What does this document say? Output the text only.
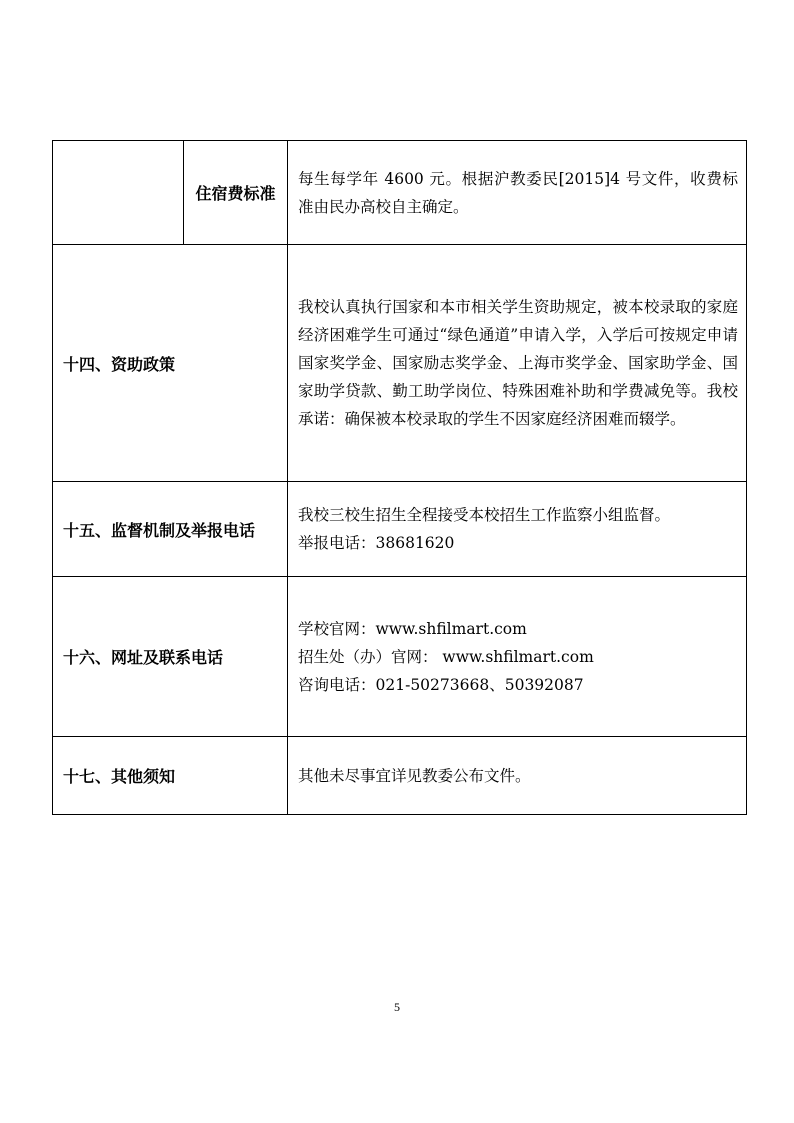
	住宿费标准	每生每学年 4600 元。根据沪教委民[2015]4 号文件，收费标准由民办高校自主确定。

十四、资助政策		我校认真执行国家和本市相关学生资助规定，被本校录取的家庭经济困难学生可通过“绿色通道”申请入学，入学后可按规定申请国家奖学金、国家励志奖学金、上海市奖学金、国家助学金、国家助学贷款、勤工助学岗位、特殊困难补助和学费减免等。我校承诺：确保被本校录取的学生不因家庭经济困难而辍学。

十五、监督机制及举报电话		我校三校生招生全程接受本校招生工作监察小组监督。
举报电话：38681620

十六、网址及联系电话		学校官网：www.shfilmart.com
招生处（办）官网： www.shfilmart.com
咨询电话：021-50273668、50392087

十七、其他须知		其他未尽事宜详见教委公布文件。
5
